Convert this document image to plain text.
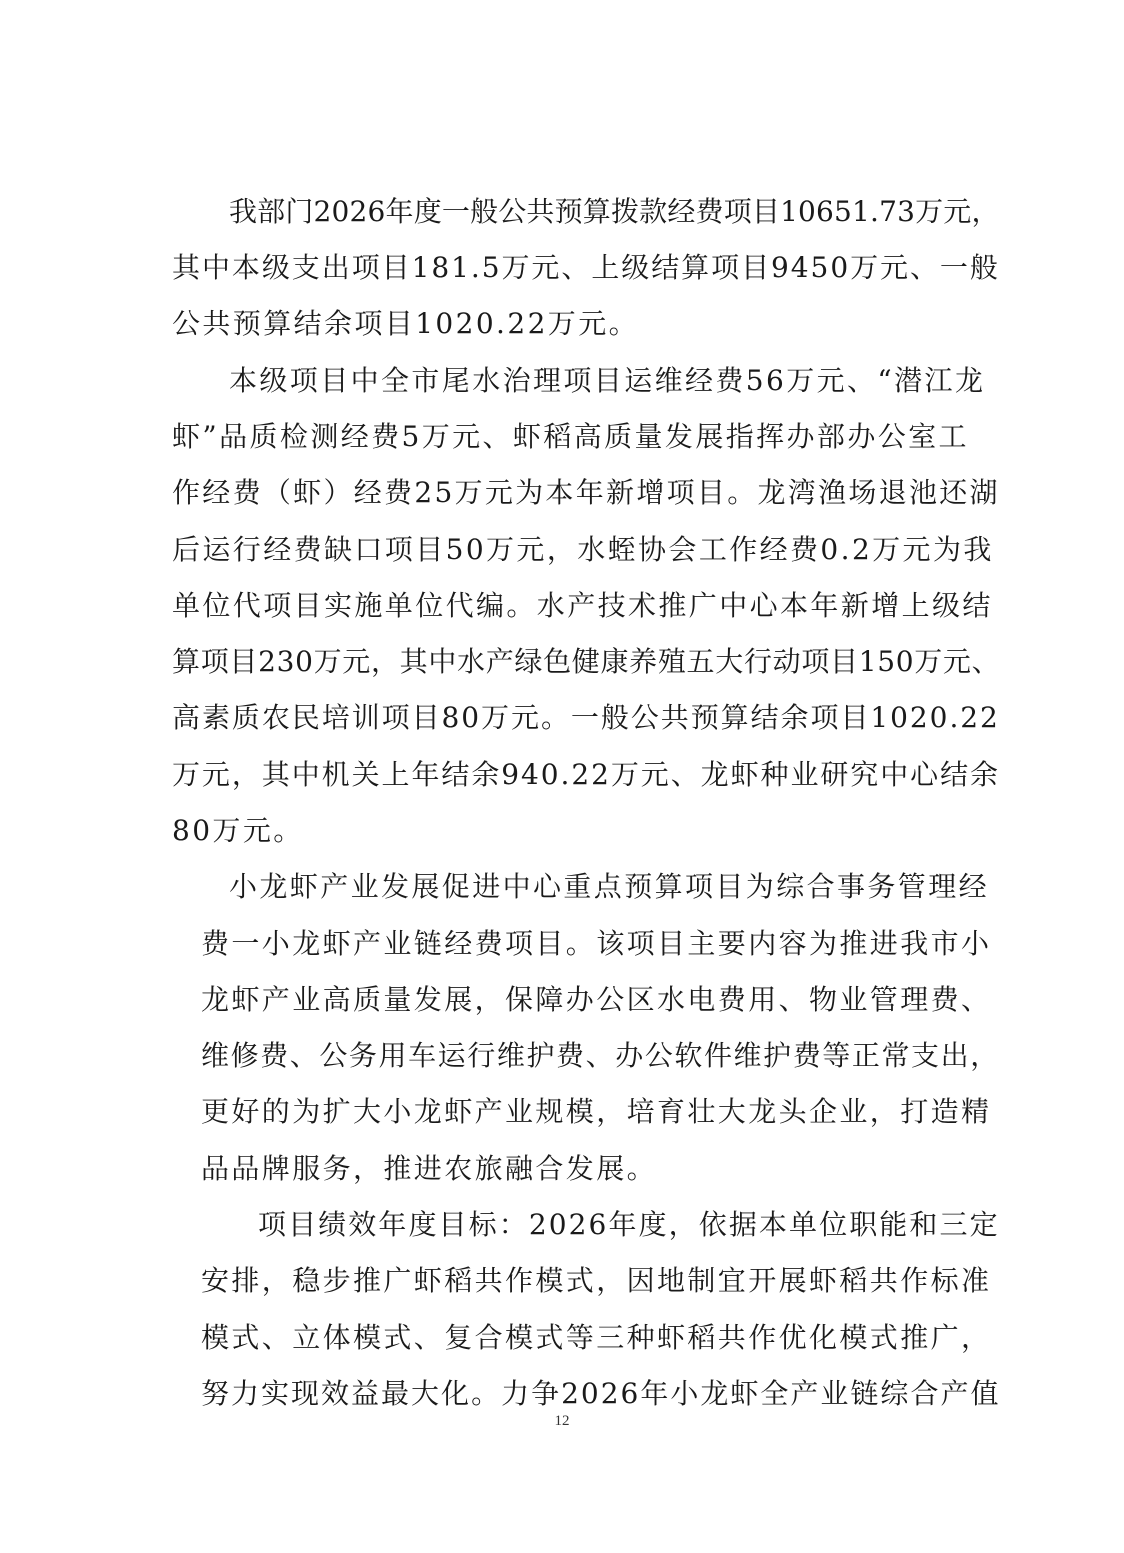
我部门2026年度一般公共预算拨款经费项目10651.73万元，
其中本级支出项目181.5万元、上级结算项目9450万元、一般
公共预算结余项目1020.22万元。
本级项目中全市尾水治理项目运维经费56万元、“潜江龙
虾”品质检测经费5万元、虾稻高质量发展指挥办部办公室工
作经费（虾）经费25万元为本年新增项目。龙湾渔场退池还湖
后运行经费缺口项目50万元，水蛭协会工作经费0.2万元为我
单位代项目实施单位代编。水产技术推广中心本年新增上级结
算项目230万元，其中水产绿色健康养殖五大行动项目150万元、
高素质农民培训项目80万元。一般公共预算结余项目1020.22
万元，其中机关上年结余940.22万元、龙虾种业研究中心结余
80万元。
小龙虾产业发展促进中心重点预算项目为综合事务管理经
费一小龙虾产业链经费项目。该项目主要内容为推进我市小
龙虾产业高质量发展，保障办公区水电费用、物业管理费、
维修费、公务用车运行维护费、办公软件维护费等正常支出，
更好的为扩大小龙虾产业规模，培育壮大龙头企业，打造精
品品牌服务，推进农旅融合发展。
项目绩效年度目标：2026年度，依据本单位职能和三定
安排，稳步推广虾稻共作模式，因地制宜开展虾稻共作标准
模式、立体模式、复合模式等三种虾稻共作优化模式推广，
努力实现效益最大化。力争2026年小龙虾全产业链综合产值
12
